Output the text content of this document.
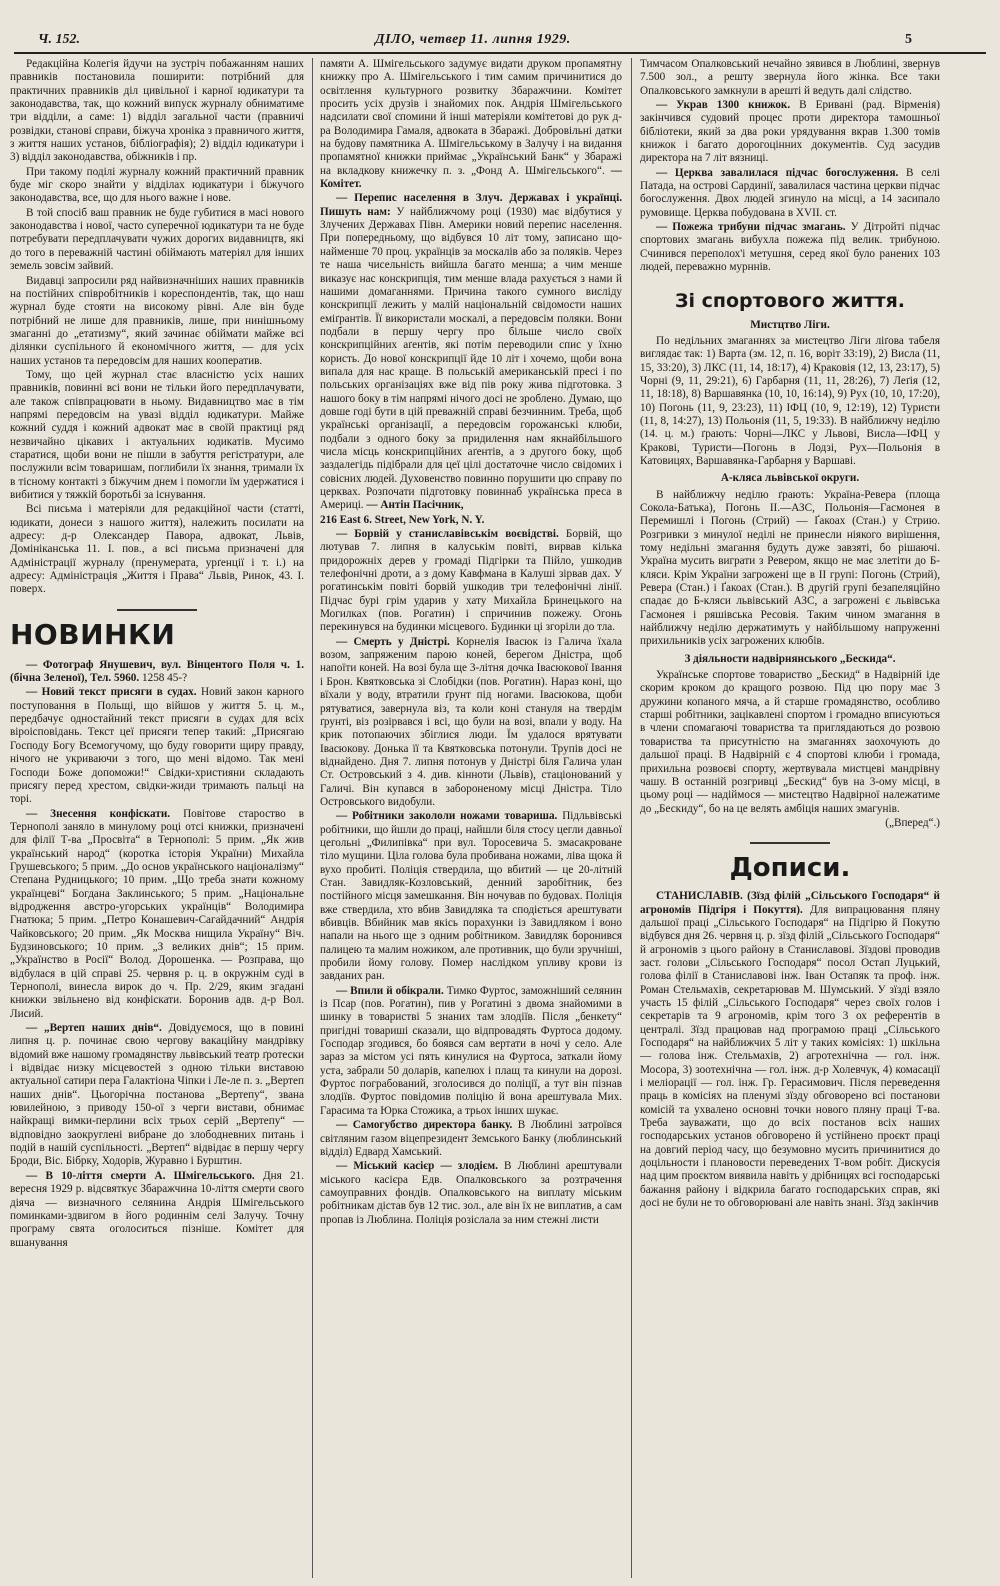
Ч. 152.	ДІЛО, четвер 11. липня 1929.	5

Редакційна Колегія йдучи на зустріч побажанням наших правників постановила поширити: потрібний для практичних правників діл цивільної і карної юдикатури та законодавства, так, що кожний випуск журналу обниматиме три відділи, а саме: 1) відділ загальної части (правничі розвідки, станові справи, біжуча хроніка з правничого життя, з життя наших установ, бібліографія); 2) відділ юдикатури і 3) відділ законодавства, обіжників і пр.

При такому поділі журналу кожний практичний правник буде міг скоро знайти у відділах юдикатури і біжучого законодавства, все, що для нього важне і нове.

В той спосіб ваш правник не буде губитися в масі нового законодавства і нової, часто суперечної юдикатури та не буде потребувати передплачувати чужих дорогих видавництв, які до того в переважній частині обіймають матеріял для інших земель зовсім зайвий.

Видавці запросили ряд найвизначніших наших правників на постійних співробітників і кореспондентів, так, що наш журнал буде стояти на високому рівні. Але він буде потрібний не лише для правників, лише, при нинішньому змаганні до „етатизму“, який зачинає обіймати майже всі ділянки суспільного й економічного життя, — для усіх наших установ та передовсім для наших кооператив.

Тому, що цей журнал стає власністю усіх наших правників, повинні всі вони не тільки його передплачувати, але також співпрацювати в ньому. Видавництво має в тім напрямі передовсім на увазі відділ юдикатури. Майже кожний суддя і кожний адвокат має в своїй практиці ряд незвичайно цікавих і актуальних юдикатів. Мусимо старатися, щоби вони не пішли в забуття регістратури, але послужили всім товаришам, поглибили їх знання, тримали їх в тісному контакті з біжучим днем і помогли їм удержатися і вибитися у тяжкій боротьбі за існування.

Всі письма і матеріяли для редакційної части (статті, юдикати, донеси з нашого життя), належить посилати на адресу: д-р Олександер Павора, адвокат, Львів, Домініканська 11. І. пов., а всі письма призначені для Адміністрації журналу (пренумерата, урґенції і т. і.) на адресу: Адміністрація „Життя і Права“ Львів, Ринок, 43. І. поверх.

НОВИНКИ

— Фотограф Янушевич, вул. Вінцентого Поля ч. 1. (бічна Зеленої), Тел. 5960. 1258 45-?

— Новий текст присяги в судах. Новий закон карного поступовання в Польщі, що війшов у життя 5. ц. м., передбачує одностайний текст присяги в судах для всіх віроісповідань. Текст цеї присяги тепер такий: „Присягаю Господу Богу Всемогучому, що буду говорити щиру правду, нічого не укриваючи з того, що мені відомо. Так мені Господи Боже допоможи!“ Свідки-християни складають присягу перед хрестом, свідки-жиди тримають пальці на торі.

— Знесення конфіскати. Повітове староство в Тернополі заняло в минулому році отсі книжки, призначені для філії Т-ва „Просвіта“ в Тернополі: 5 прим. „Як жив український народ“ (коротка історія України) Михайла Грушевського; 5 прим. „До основ українського націоналізму“ Степана Рудницького; 10 прим. „Що треба знати кожному українцеві“ Богдана Заклинського; 5 прим. „Національне відродження австро-угорських українців“ Володимира Гнатюка; 5 прим. „Петро Конашевич-Сагайдачний“ Андрія Чайковського; 20 прим. „Як Москва нищила Україну“ Віч. Будзиновського; 10 прим. „З великих днів“; 15 прим. „Українство в Росії“ Волод. Дорошенка. — Розправа, що відбулася в цій справі 25. червня р. ц. в окружнім суді в Тернополі, винесла вирок до ч. Пр. 2/29, яким згадані книжки звільнено від конфіскати. Боронив адв. д-р Вол. Лисий.

— „Вертеп наших днів“. Довідуємося, що в повині липня ц. р. починає свою чергову вакаційну мандрівку відомий вже нашому громадянству львівський театр ґротески і відвідає низку місцевостей з одною тільки виставою актуальної сатири пера Галактіона Чіпки і Ле-ле п. з. „Вертеп наших днів“. Цьогорічна постанова „Вертепу“, звана ювилейною, з приводу 150-ої з черги вистави, обнимає найкращі вимки-перлини всіх трьох серій „Вертепу“ — відповідно заокруглені вибране до злободневних питань і подій в нашій суспільності. „Вертеп“ відвідає в першу чергу Броди, Віс. Бібрку, Ходорів, Журавно і Бурштин.

— В 10-ліття смерти А. Шмігельського. Дня 21. вересня 1929 р. відсвяткує Збаражчина 10-ліття смерти свого діяча — визначного селянина Андрія Шмігельського поминками-здвигом в його родиннім селі Залучу. Точну програму свята оголоситься пізніше. Комітет для вшанування

памяти А. Шмігельського задумує видати друком пропамятну книжку про А. Шмігельського і тим самим причинитися до освітлення культурного розвитку Збаражчини. Комітет просить усіх друзів і знайомих пок. Андрія Шмігельського надсилати свої спомини й інші матеріяли комітетові до рук д-ра Володимира Гамаля, адвоката в Збаражі. Добровільні датки на будову памятника А. Шмігельському в Залучу і на видання пропамятної книжки приймає „Український Банк“ у Збаражі на вкладкову книжечку п. з. „Фонд А. Шмігельського“. — Комітет.

— Перепис населення в Злуч. Державах і українці. Пишуть нам: У найближчому році (1930) має відбутися у Злучених Державах Півн. Америки новий перепис населення. При попередньому, що відбувся 10 літ тому, записано що-найменше 70 проц. українців за москалів або за поляків. Через те наша чисельність вийшла багато менша; а чим менше виказує нас конскрипція, тим менше влада рахується з нами й нашими домаганнями. Причина такого сумного висліду конскрипції лежить у малій національній свідомости наших еміґрантів. Її використали москалі, а передовсім поляки. Вони подбали в першу чергу про більше число своїх конскрипційних аґентів, які потім переводили спис у їхню користь. До нової конскрипції йде 10 літ і хочемо, щоби вона випала для нас краще. В польській американській пресі і по польських організаціях вже від пів року жива підготовка. З нашого боку в тім напрямі нічого досі не зроблено. Думаю, що довше годі бути в цій преважній справі безчинним. Треба, щоб українські організації, а передовсім горожанські клюби, подбали з одного боку за придилення нам якнайбільшого числа місць конскрипційних аґентів, а з другого боку, щоб заздалегідь підібрали для цеї цілі достаточне число свідомих і совісних людей. Духовенство повинно порушити цю справу по церквах. Розпочати підготовку повиннаб українська преса в Америці. — Антін Пасічник,

216 East 6. Street, New York, N. Y.

— Борвій у станиславівськім воєвідстві. Борвій, що лютував 7. липня в калуськім повіті, вирвав кілька придорожніх дерев у громаді Підгірки та Пійло, ушкодив телефонічні дроти, а з дому Кавфмана в Калуші зірвав дах. У рогатинськім повіті борвій ушкодив три телефонічні лінії. Підчас бурі грім ударив у хату Михайла Бринецького на Могилках (пов. Рогатин) і спричинив пожежу. Огонь перекинувся на будинки місцевого. Будинки ці згоріли до тла.

— Смерть у Дністрі. Корнелія Івасюк із Галича їхала возом, запряженим парою коней, берегом Дністра, щоб напоїти коней. На возі була ще 3-літня дочка Івасюкової Івання і Брон. Квятковська зі Слобідки (пов. Рогатин). Нараз коні, що вїхали у воду, втратили ґрунт під ногами. Івасюкова, щоби рятуватися, завернула віз, та коли коні стануля на твердім ґрунті, віз розірвався і всі, що були на возі, впали у воду. На крик потопаючих збіглися люди. Їм удалося врятувати Івасюкову. Донька її та Квятковська потонули. Трупів досі не віднайдено. Дня 7. липня потонув у Дністрі біля Галича улан Ст. Островський з 4. див. кінноти (Львів), стаціонований у Галичі. Він купався в забороненому місці Дністра. Тіло Островського видобули.

— Робітники закололи ножами товариша. Підльвівські робітники, що йшли до праці, найшли біля стосу цегли давньої цегольні „Филипівка“ при вул. Торосевича 5. змасакроване тіло мущини. Ціла голова була пробивана ножами, ліва щока й вухо пробиті. Поліція ствердила, що вбитий — це 20-літній Стан. Завидляк-Козловський, денний заробітник, без постійного місця замешкання. Він ночував по будовах. Поліція вже ствердила, хто вбив Завидляка та сподіється арештувати вбивців. Вбийник мав якісь порахунки із Завидляком і воно напали на нього ще з одним робітником. Завидляк боронився палицею та малим ножиком, але противник, що були зручніші, пробили йому голову. Помер наслідком упливу крови із завданих ран.

— Впили й обікрали. Тимко Фуртос, заможніший селянин із Псар (пов. Рогатин), пив у Рогатині з двома знайомими в шинку в товаристві 5 знаних там злодіїв. Після „бенкету“ пригідні товариші сказали, що відпровадять Фуртоса додому. Господар згодився, бо боявся сам вертати в ночі у село. Але зараз за містом усі пять кинулися на Фуртоса, заткали йому уста, забрали 50 доларів, капелюх і плащ та кинули на дорозі. Фуртос пограбований, зголосився до поліції, а тут він пізнав злодіїв. Фуртос повідомив поліцію й вона арештувала Мих. Гарасима та Юрка Стожика, а трьох інших шукає.

— Самогубство директора банку. В Люблині затроївся світляним газом віцепрезидент Земського Банку (люблинський відділ) Едвард Хамський.

— Міський касієр — злодієм. В Люблині арештували міського касієра Едв. Опалковського за розтрачення самоуправних фондів. Опалковського на виплату міським робітникам дістав був 12 тис. зол., але він їх не виплатив, а сам пропав із Люблина. Поліція розіслала за ним стежні листи

Тимчасом Опалковський нечайно зявився в Люблині, звернув 7.500 зол., а решту звернула його жінка. Все таки Опалковського замкнули в арешті й ведуть далі слідство.

— Украв 1300 книжок. В Ериванi (рад. Вірменія) закінчився судовий процес проти директора тамошньої бібліотеки, який за два роки урядування вкрав 1.300 томів книжок і багато дорогоцінних документів. Суд засудив директора на 7 літ вязниці.

— Церква завалилася підчас богослуження. В селі Патада, на острові Сардинії, завалилася частина церкви підчас богослуження. Двох людей згинуло на місці, а 14 засипало румовище. Церква побудована в XVII. ст.

— Пожежа трибуни підчас змагань. У Дітройті підчас спортових змагань вибухла пожежа під велик. трибуною. Счинився переполох'і метушня, серед якої було ранених 103 людей, переважно мурннів.

Зі спортового життя.
Мистцтво Ліги.

По недільних змаганнях за мистецтво Ліги ліґова табеля виглядає так: 1) Варта (зм. 12, п. 16, воріт 33:19), 2) Висла (11, 15, 33:20), 3) ЛКС (11, 14, 18:17), 4) Краковія (12, 13, 23:17), 5) Чорні (9, 11, 29:21), 6) Гарбарня (11, 11, 28:26), 7) Леґія (12, 11, 18:18), 8) Варшавянка (10, 10, 16:14), 9) Рух (10, 10, 17:20), 10) Погонь (11, 9, 23:23), 11) ІФЦ (10, 9, 12:19), 12) Туристи (11, 8, 14:27), 13) Польонія (11, 5, 19:33). В найближчу неділю (14. ц. м.) ґрають: Чорні—ЛКС у Львові, Висла—ІФЦ у Кракові, Туристи—Погонь в Лодзі, Рух—Польонія в Катовицях, Варшавянка-Гарбарня у Варшаві.

А-кляса львівської округи.

В найближчу неділю ґрають: Україна-Ревера (площа Сокола-Батька), Погонь II.—АЗС, Польонія—Гасмонея в Перемишлі і Погонь (Стрий) — Ґакоах (Стан.) у Стрию. Розгривки з минулої неділі не принесли ніякого вирішення, тому недільні змагання будуть дуже завзяті, бо рішаючі. Україна мусить виграти з Ревером, якщо не має злетіти до Б-кляси. Крім України загрожені ще в II групі: Погонь (Стрий), Ревера (Стан.) і Ґакоах (Стан.). В другій групі безапеляційно спадає до Б-кляси львівський АЗС, а загрожені є львівська Гасмонея і ряшівська Ресовія. Таким чином змагання в найближчу неділю держатимуть у найбільшому напруженні прихильників усіх загрожених клюбів.

З діяльности надвірнянського „Бескида“.

Українське спортове товариство „Бескид“ в Надвірній іде скорим кроком до кращого розвою. Під цю пору має 3 дружини копаного мяча, а й старше громадянство, особливо старші робітники, зацікавлені спортом і громадно вписуються в члени спомагаючі товариства та приглядаються до розвою товариства та присутністю на змаганнях заохочують до дальшої праці. В Надвірній є 4 спортові клюби і громада, прихильна розвоєві спорту, жертвувала мистцеві мандрівну чашу. В останній розгривці „Бескид“ був на 3-ому місці, в цьому році — надіймося — мистецтво Надвірної належатиме до „Бескиду“, бо на це велять амбіція наших змагунів.

(„Вперед“.)

Дописи.

СТАНИСЛАВІВ. (Зїзд філій „Сільського Господаря“ й агрономів Підгіря і Покуття). Для випрацювання пляну дальшої праці „Сільського Господаря“ на Підгірю й Покутю відбувся дня 26. червня ц. р. зїзд філій „Сільського Господаря“ й агрономів з цього району в Станиславові. Зїздові проводив заст. голови „Сільського Господаря“ посол Остап Луцький, голова філії в Станиславові інж. Іван Остапяк та проф. інж. Роман Стельмахів, секретарював М. Шумський. У зїзді взяло участь 15 філій „Сільського Господаря“ через своїх голов і секретарів та 9 агрономів, крім того 3 ох референтів в централі. Зїзд працював над програмою праці „Сільського Господаря“ на найближчих 5 літ у таких комісіях: 1) шкільна — голова інж. Стельмахів, 2) агротехнічна — гол. інж. Мосора, 3) зоотехнічна — гол. інж. д-р Холевчук, 4) комасації і меліорації — гол. інж. Гр. Герасимович. Після переведення праць в комісіях на пленумі зїзду обговорено всі постанови комісій та ухвалено основні точки нового пляну праці Т-ва. Треба зауважати, що до всіх постанов всіх наших господарських установ обговорено й устійнено проєкт праці на довгий період часу, що безумовно мусить причинитися до доцільности і плановости переведених Т-вом робіт. Дискусія над цим проєктом виявила навіть у дрібницях всі господарські бажання району і відкрила багато господарських справ, які досі не були не то обговорювані але навіть знані. Зїзд закінчив
